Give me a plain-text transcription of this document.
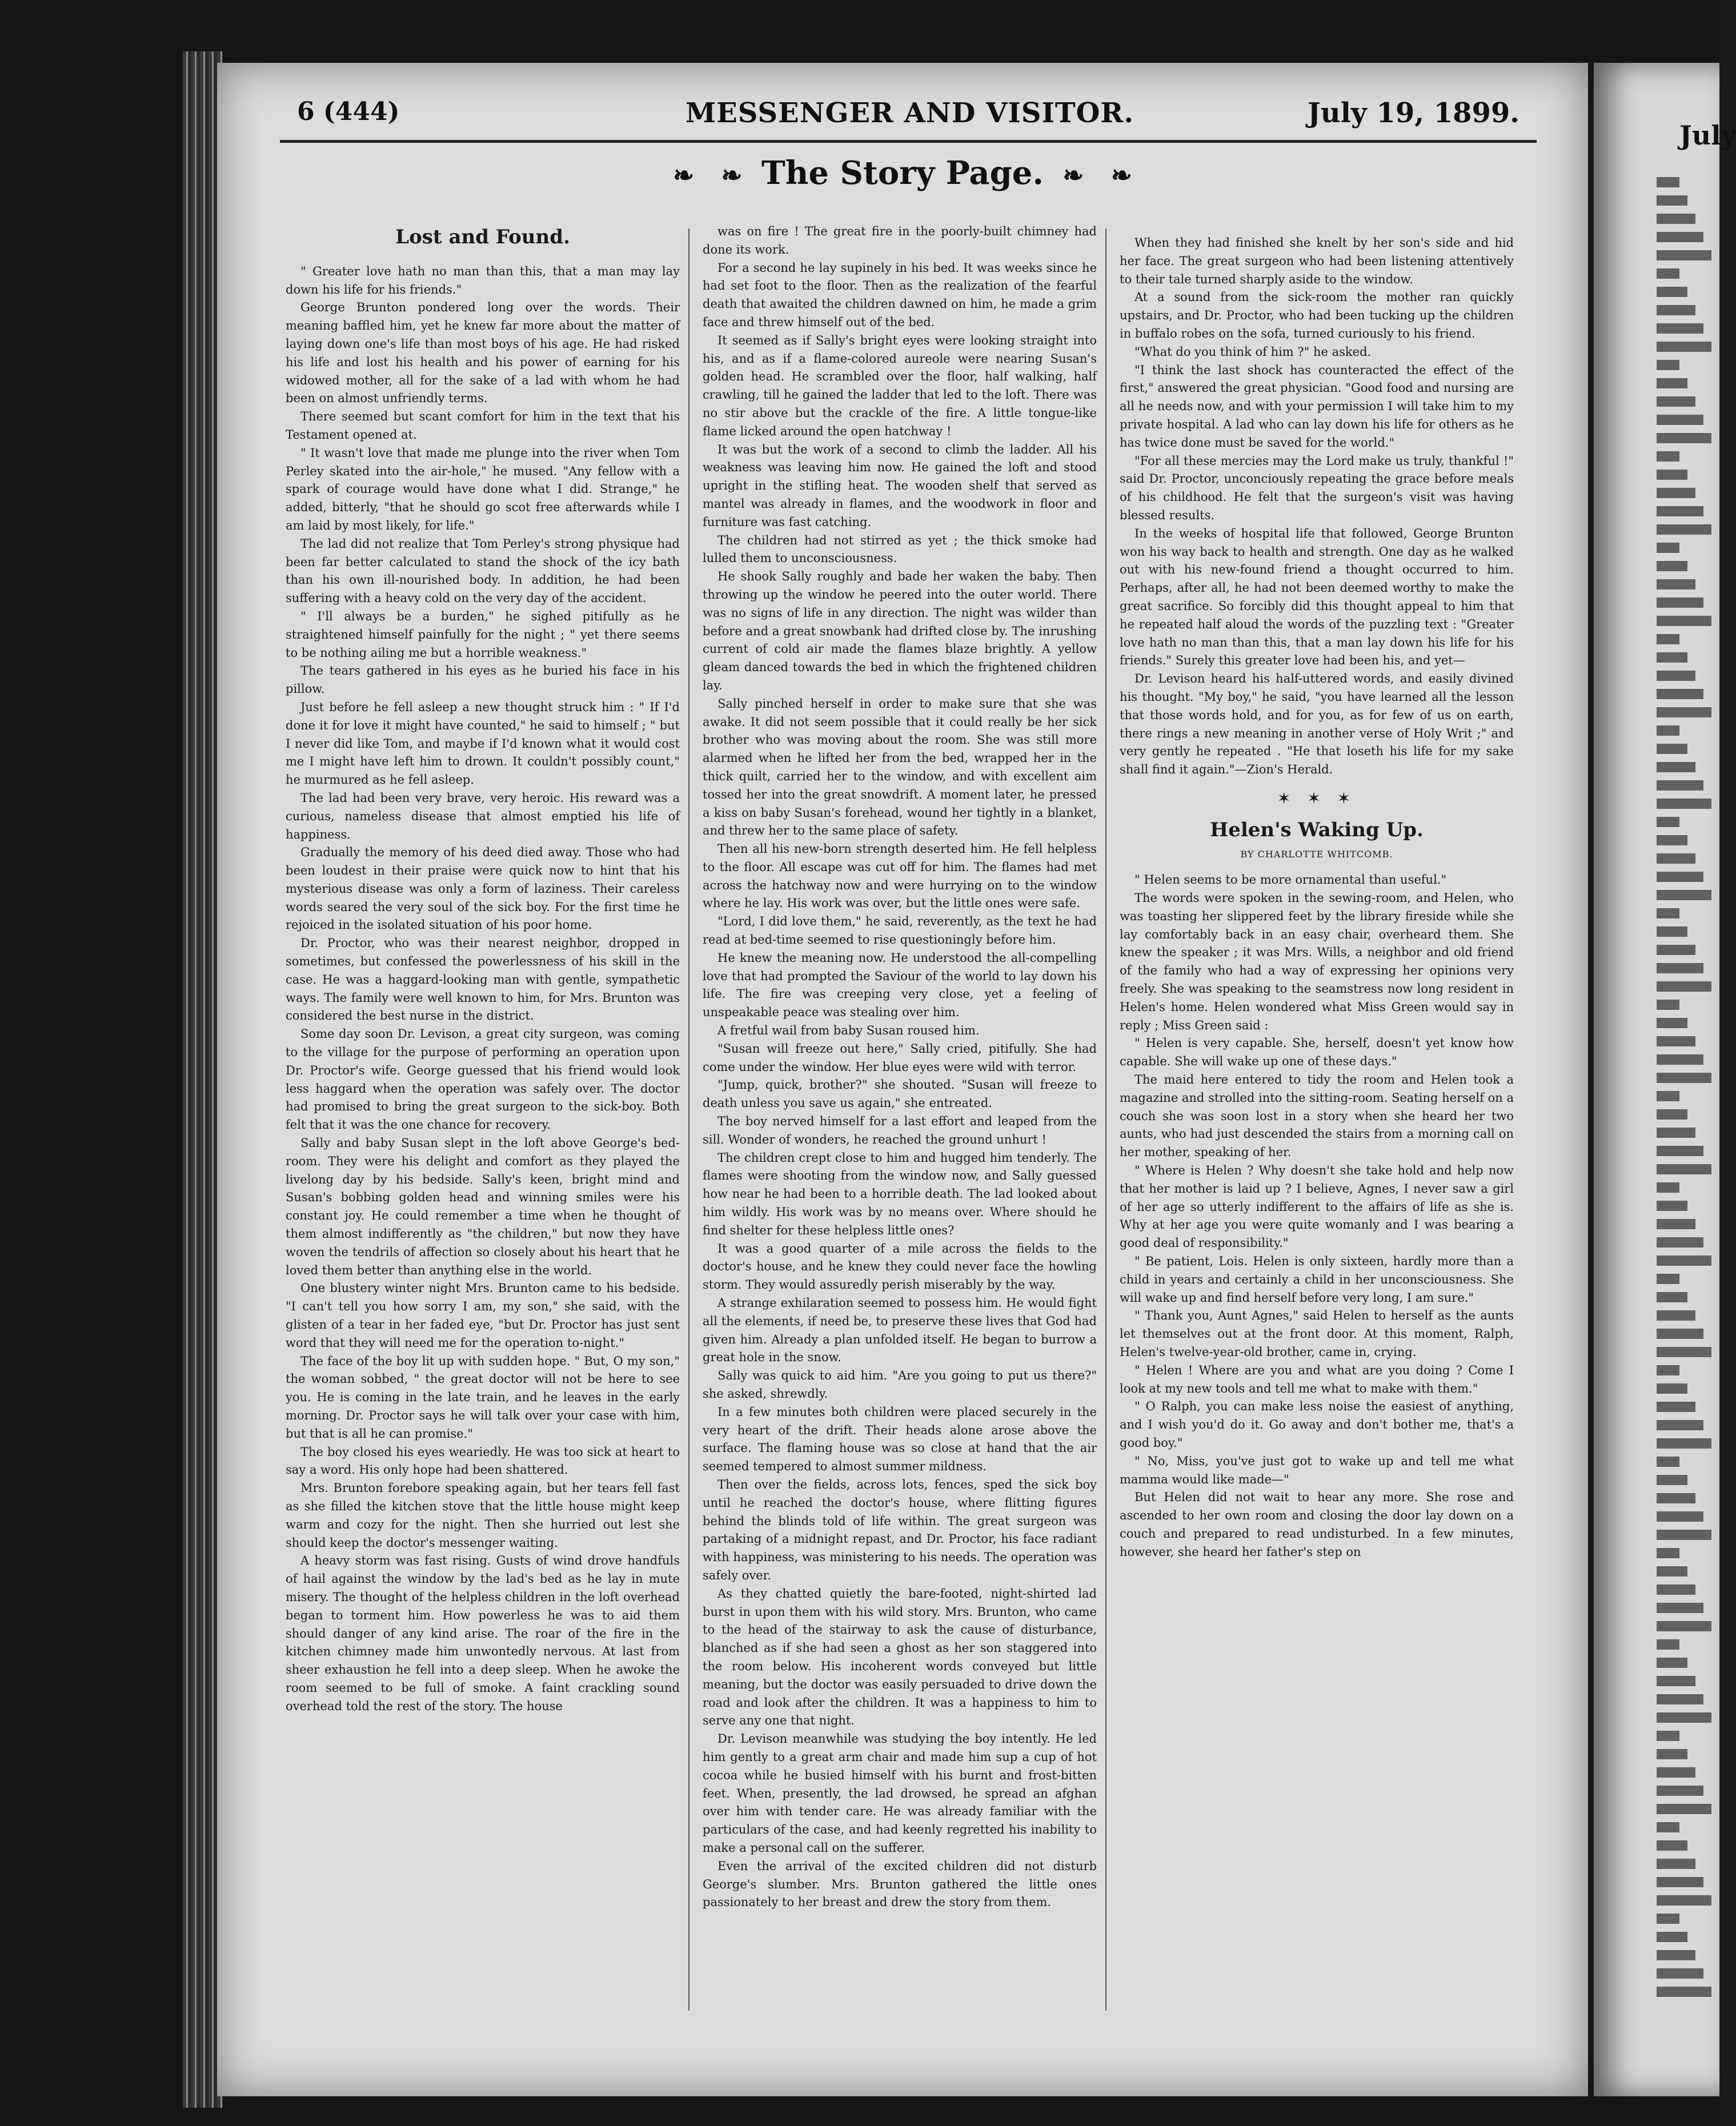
6 (444)	MESSENGER AND VISITOR.	July 19, 1899.
❧ ❧ The Story Page. ❧ ❧
Lost and Found.

" Greater love hath no man than this, that a man may lay down his life for his friends."

George Brunton pondered long over the words. Their meaning baffled him, yet he knew far more about the matter of laying down one's life than most boys of his age. He had risked his life and lost his health and his power of earning for his widowed mother, all for the sake of a lad with whom he had been on almost unfriendly terms.

There seemed but scant comfort for him in the text that his Testament opened at.

" It wasn't love that made me plunge into the river when Tom Perley skated into the air-hole," he mused. "Any fellow with a spark of courage would have done what I did. Strange," he added, bitterly, "that he should go scot free afterwards while I am laid by most likely, for life."

The lad did not realize that Tom Perley's strong physique had been far better calculated to stand the shock of the icy bath than his own ill-nourished body. In addition, he had been suffering with a heavy cold on the very day of the accident.

" I'll always be a burden," he sighed pitifully as he straightened himself painfully for the night ; " yet there seems to be nothing ailing me but a horrible weakness."

The tears gathered in his eyes as he buried his face in his pillow.

Just before he fell asleep a new thought struck him : " If I'd done it for love it might have counted," he said to himself ; " but I never did like Tom, and maybe if I'd known what it would cost me I might have left him to drown. It couldn't possibly count," he murmured as he fell asleep.

The lad had been very brave, very heroic. His reward was a curious, nameless disease that almost emptied his life of happiness.

Gradually the memory of his deed died away. Those who had been loudest in their praise were quick now to hint that his mysterious disease was only a form of laziness. Their careless words seared the very soul of the sick boy. For the first time he rejoiced in the isolated situation of his poor home.

Dr. Proctor, who was their nearest neighbor, dropped in sometimes, but confessed the powerlessness of his skill in the case. He was a haggard-looking man with gentle, sympathetic ways. The family were well known to him, for Mrs. Brunton was considered the best nurse in the district.

Some day soon Dr. Levison, a great city surgeon, was coming to the village for the purpose of performing an operation upon Dr. Proctor's wife. George guessed that his friend would look less haggard when the operation was safely over. The doctor had promised to bring the great surgeon to the sick-boy. Both felt that it was the one chance for recovery.

Sally and baby Susan slept in the loft above George's bed-room. They were his delight and comfort as they played the livelong day by his bedside. Sally's keen, bright mind and Susan's bobbing golden head and winning smiles were his constant joy. He could remember a time when he thought of them almost indifferently as "the children," but now they have woven the tendrils of affection so closely about his heart that he loved them better than anything else in the world.

One blustery winter night Mrs. Brunton came to his bedside. "I can't tell you how sorry I am, my son," she said, with the glisten of a tear in her faded eye, "but Dr. Proctor has just sent word that they will need me for the operation to-night."

The face of the boy lit up with sudden hope. " But, O my son," the woman sobbed, " the great doctor will not be here to see you. He is coming in the late train, and he leaves in the early morning. Dr. Proctor says he will talk over your case with him, but that is all he can promise."

The boy closed his eyes weariedly. He was too sick at heart to say a word. His only hope had been shattered.

Mrs. Brunton forebore speaking again, but her tears fell fast as she filled the kitchen stove that the little house might keep warm and cozy for the night. Then she hurried out lest she should keep the doctor's messenger waiting.

A heavy storm was fast rising. Gusts of wind drove handfuls of hail against the window by the lad's bed as he lay in mute misery. The thought of the helpless children in the loft overhead began to torment him. How powerless he was to aid them should danger of any kind arise. The roar of the fire in the kitchen chimney made him unwontedly nervous. At last from sheer exhaustion he fell into a deep sleep. When he awoke the room seemed to be full of smoke. A faint crackling sound overhead told the rest of the story. The house

was on fire ! The great fire in the poorly-built chimney had done its work.

For a second he lay supinely in his bed. It was weeks since he had set foot to the floor. Then as the realization of the fearful death that awaited the children dawned on him, he made a grim face and threw himself out of the bed.

It seemed as if Sally's bright eyes were looking straight into his, and as if a flame-colored aureole were nearing Susan's golden head. He scrambled over the floor, half walking, half crawling, till he gained the ladder that led to the loft. There was no stir above but the crackle of the fire. A little tongue-like flame licked around the open hatchway !

It was but the work of a second to climb the ladder. All his weakness was leaving him now. He gained the loft and stood upright in the stifling heat. The wooden shelf that served as mantel was already in flames, and the woodwork in floor and furniture was fast catching.

The children had not stirred as yet ; the thick smoke had lulled them to unconsciousness.

He shook Sally roughly and bade her waken the baby. Then throwing up the window he peered into the outer world. There was no signs of life in any direction. The night was wilder than before and a great snowbank had drifted close by. The inrushing current of cold air made the flames blaze brightly. A yellow gleam danced towards the bed in which the frightened children lay.

Sally pinched herself in order to make sure that she was awake. It did not seem possible that it could really be her sick brother who was moving about the room. She was still more alarmed when he lifted her from the bed, wrapped her in the thick quilt, carried her to the window, and with excellent aim tossed her into the great snowdrift. A moment later, he pressed a kiss on baby Susan's forehead, wound her tightly in a blanket, and threw her to the same place of safety.

Then all his new-born strength deserted him. He fell helpless to the floor. All escape was cut off for him. The flames had met across the hatchway now and were hurrying on to the window where he lay. His work was over, but the little ones were safe.

"Lord, I did love them," he said, reverently, as the text he had read at bed-time seemed to rise questioningly before him.

He knew the meaning now. He understood the all-compelling love that had prompted the Saviour of the world to lay down his life. The fire was creeping very close, yet a feeling of unspeakable peace was stealing over him.

A fretful wail from baby Susan roused him.

"Susan will freeze out here," Sally cried, pitifully. She had come under the window. Her blue eyes were wild with terror.

"Jump, quick, brother?" she shouted. "Susan will freeze to death unless you save us again," she entreated.

The boy nerved himself for a last effort and leaped from the sill. Wonder of wonders, he reached the ground unhurt !

The children crept close to him and hugged him tenderly. The flames were shooting from the window now, and Sally guessed how near he had been to a horrible death. The lad looked about him wildly. His work was by no means over. Where should he find shelter for these helpless little ones?

It was a good quarter of a mile across the fields to the doctor's house, and he knew they could never face the howling storm. They would assuredly perish miserably by the way.

A strange exhilaration seemed to possess him. He would fight all the elements, if need be, to preserve these lives that God had given him. Already a plan unfolded itself. He began to burrow a great hole in the snow.

Sally was quick to aid him. "Are you going to put us there?" she asked, shrewdly.

In a few minutes both children were placed securely in the very heart of the drift. Their heads alone arose above the surface. The flaming house was so close at hand that the air seemed tempered to almost summer mildness.

Then over the fields, across lots, fences, sped the sick boy until he reached the doctor's house, where flitting figures behind the blinds told of life within. The great surgeon was partaking of a midnight repast, and Dr. Proctor, his face radiant with happiness, was ministering to his needs. The operation was safely over.

As they chatted quietly the bare-footed, night-shirted lad burst in upon them with his wild story. Mrs. Brunton, who came to the head of the stairway to ask the cause of disturbance, blanched as if she had seen a ghost as her son staggered into the room below. His incoherent words conveyed but little meaning, but the doctor was easily persuaded to drive down the road and look after the children. It was a happiness to him to serve any one that night.

Dr. Levison meanwhile was studying the boy intently. He led him gently to a great arm chair and made him sup a cup of hot cocoa while he busied himself with his burnt and frost-bitten feet. When, presently, the lad drowsed, he spread an afghan over him with tender care. He was already familiar with the particulars of the case, and had keenly regretted his inability to make a personal call on the sufferer.

Even the arrival of the excited children did not disturb George's slumber. Mrs. Brunton gathered the little ones passionately to her breast and drew the story from them.

When they had finished she knelt by her son's side and hid her face. The great surgeon who had been listening attentively to their tale turned sharply aside to the window.

At a sound from the sick-room the mother ran quickly upstairs, and Dr. Proctor, who had been tucking up the children in buffalo robes on the sofa, turned curiously to his friend.

"What do you think of him ?" he asked.

"I think the last shock has counteracted the effect of the first," answered the great physician. "Good food and nursing are all he needs now, and with your permission I will take him to my private hospital. A lad who can lay down his life for others as he has twice done must be saved for the world."

"For all these mercies may the Lord make us truly, thankful !" said Dr. Proctor, unconciously repeating the grace before meals of his childhood. He felt that the surgeon's visit was having blessed results.

In the weeks of hospital life that followed, George Brunton won his way back to health and strength. One day as he walked out with his new-found friend a thought occurred to him. Perhaps, after all, he had not been deemed worthy to make the great sacrifice. So forcibly did this thought appeal to him that he repeated half aloud the words of the puzzling text : "Greater love hath no man than this, that a man lay down his life for his friends." Surely this greater love had been his, and yet—

Dr. Levison heard his half-uttered words, and easily divined his thought. "My boy," he said, "you have learned all the lesson that those words hold, and for you, as for few of us on earth, there rings a new meaning in another verse of Holy Writ ;" and very gently he repeated . "He that loseth his life for my sake shall find it again."—Zion's Herald.

✶ ✶ ✶
Helen's Waking Up.
BY CHARLOTTE WHITCOMB.

" Helen seems to be more ornamental than useful."

The words were spoken in the sewing-room, and Helen, who was toasting her slippered feet by the library fireside while she lay comfortably back in an easy chair, overheard them. She knew the speaker ; it was Mrs. Wills, a neighbor and old friend of the family who had a way of expressing her opinions very freely. She was speaking to the seamstress now long resident in Helen's home. Helen wondered what Miss Green would say in reply ; Miss Green said :

" Helen is very capable. She, herself, doesn't yet know how capable. She will wake up one of these days."

The maid here entered to tidy the room and Helen took a magazine and strolled into the sitting-room. Seating herself on a couch she was soon lost in a story when she heard her two aunts, who had just descended the stairs from a morning call on her mother, speaking of her.

" Where is Helen ? Why doesn't she take hold and help now that her mother is laid up ? I believe, Agnes, I never saw a girl of her age so utterly indifferent to the affairs of life as she is. Why at her age you were quite womanly and I was bearing a good deal of responsibility."

" Be patient, Lois. Helen is only sixteen, hardly more than a child in years and certainly a child in her unconsciousness. She will wake up and find herself before very long, I am sure."

" Thank you, Aunt Agnes," said Helen to herself as the aunts let themselves out at the front door. At this moment, Ralph, Helen's twelve-year-old brother, came in, crying.

" Helen ! Where are you and what are you doing ? Come I look at my new tools and tell me what to make with them."

" O Ralph, you can make less noise the easiest of anything, and I wish you'd do it. Go away and don't bother me, that's a good boy."

" No, Miss, you've just got to wake up and tell me what mamma would like made—"

But Helen did not wait to hear any more. She rose and ascended to her own room and closing the door lay down on a couch and prepared to read undisturbed. In a few minutes, however, she heard her father's step on

July
